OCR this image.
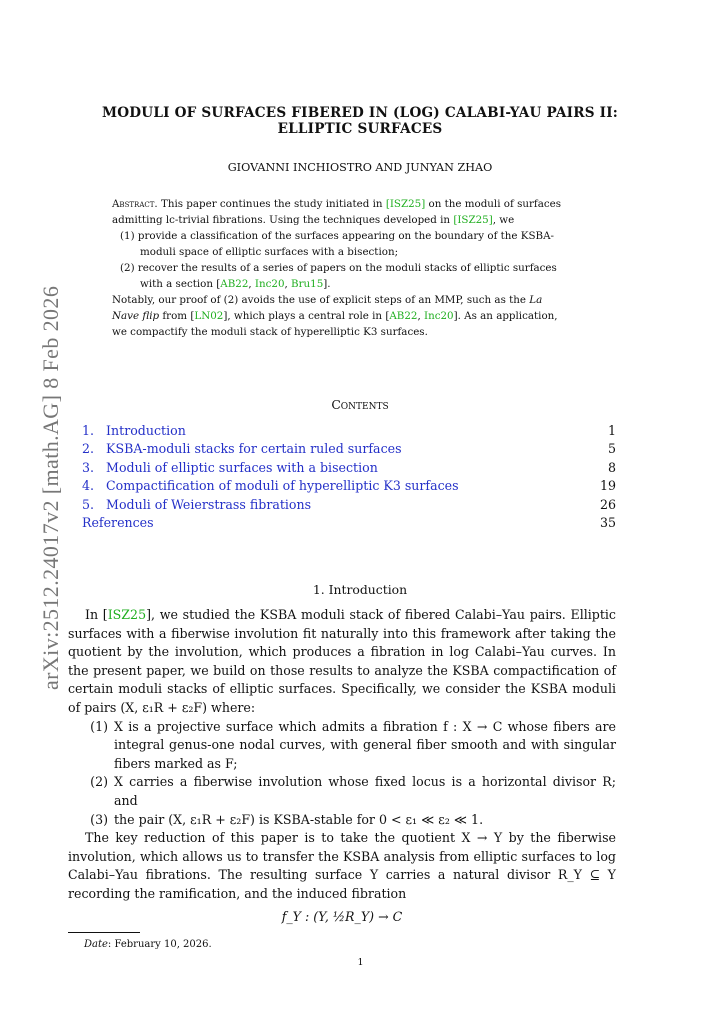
arXiv:2512.24017v2 [math.AG] 8 Feb 2026
MODULI OF SURFACES FIBERED IN (LOG) CALABI-YAU PAIRS II:
ELLIPTIC SURFACES
GIOVANNI INCHIOSTRO AND JUNYAN ZHAO
Abstract. This paper continues the study initiated in [ISZ25] on the moduli of surfaces admitting lc-trivial fibrations. Using the techniques developed in [ISZ25], we
(1) provide a classification of the surfaces appearing on the boundary of the KSBA-moduli space of elliptic surfaces with a bisection;
(2) recover the results of a series of papers on the moduli stacks of elliptic surfaces with a section [AB22, Inc20, Bru15].
Notably, our proof of (2) avoids the use of explicit steps of an MMP, such as the La Nave flip from [LN02], which plays a central role in [AB22, Inc20]. As an application, we compactify the moduli stack of hyperelliptic K3 surfaces.
Contents
1. Introduction	1
2. KSBA-moduli stacks for certain ruled surfaces	5
3. Moduli of elliptic surfaces with a bisection	8
4. Compactification of moduli of hyperelliptic K3 surfaces	19
5. Moduli of Weierstrass fibrations	26
References	35
1. Introduction

In [ISZ25], we studied the KSBA moduli stack of fibered Calabi–Yau pairs. Elliptic surfaces with a fiberwise involution fit naturally into this framework after taking the quotient by the involution, which produces a fibration in log Calabi–Yau curves. In the present paper, we build on those results to analyze the KSBA compactification of certain moduli stacks of elliptic surfaces. Specifically, we consider the KSBA moduli of pairs (X, ε₁R + ε₂F) where:

(1) X is a projective surface which admits a fibration f : X → C whose fibers are integral genus-one nodal curves, with general fiber smooth and with singular fibers marked as F;
(2) X carries a fiberwise involution whose fixed locus is a horizontal divisor R; and
(3) the pair (X, ε₁R + ε₂F) is KSBA-stable for 0 < ε₁ ≪ ε₂ ≪ 1.

The key reduction of this paper is to take the quotient X → Y by the fiberwise involution, which allows us to transfer the KSBA analysis from elliptic surfaces to log Calabi–Yau fibrations. The resulting surface Y carries a natural divisor R_Y ⊆ Y recording the ramification, and the induced fibration

f_Y : (Y, ½R_Y) → C
Date: February 10, 2026.
1
